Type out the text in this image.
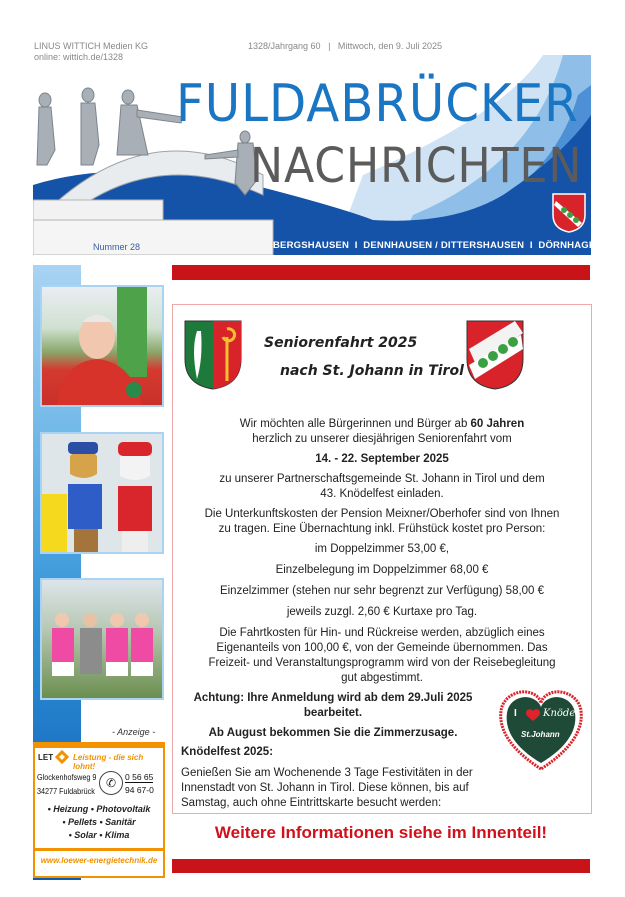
LINUS WITTICH Medien KG
online: wittich.de/1328
1328/Jahrgang 60   |   Mittwoch, den 9. Juli 2025
FULDABRÜCKER
NACHRICHTEN
Nummer 28	BERGSHAUSEN  I  DENNHAUSEN / DITTERSHAUSEN  I  DÖRNHAGEN
Seniorenfahrt 2025
nach St. Johann in Tirol
Wir möchten alle Bürgerinnen und Bürger ab 60 Jahren
herzlich zu unserer diesjährigen Seniorenfahrt vom
14. - 22. September 2025
zu unserer Partnerschaftsgemeinde St. Johann in Tirol und dem
43. Knödelfest einladen.
Die Unterkunftskosten der Pension Meixner/Oberhofer sind von Ihnen
zu tragen. Eine Übernachtung inkl. Frühstück kostet pro Person:
im Doppelzimmer 53,00 €,
Einzelbelegung im Doppelzimmer 68,00 €
Einzelzimmer (stehen nur sehr begrenzt zur Verfügung) 58,00 €
jeweils zuzgl. 2,60 € Kurtaxe pro Tag.
Die Fahrtkosten für Hin- und Rückreise werden, abzüglich eines
Eigenanteils von 100,00 €, von der Gemeinde übernommen. Das
Freizeit- und Veranstaltungsprogramm wird von der Reisebegleitung
gut abgestimmt.
Achtung: Ihre Anmeldung wird ab dem 29.Juli 2025
bearbeitet.
Ab August bekommen Sie die Zimmerzusage.
Knödelfest 2025:
Genießen Sie am Wochenende 3 Tage Festivitäten in der
Innenstadt von St. Johann in Tirol. Diese können, bis auf
Samstag, auch ohne Eintrittskarte besucht werden:
I	Knödel
St.Johann
Weitere Informationen siehe im Innenteil!
- Anzeige -
LET Leistung - die sich lohnt!
Glockenhofsweg 9
34277 Fuldabrück
✆	0 56 65
94 67-0
• Heizung • Photovoltaik
• Pellets • Sanitär
• Solar • Klima
www.loewer-energietechnik.de
